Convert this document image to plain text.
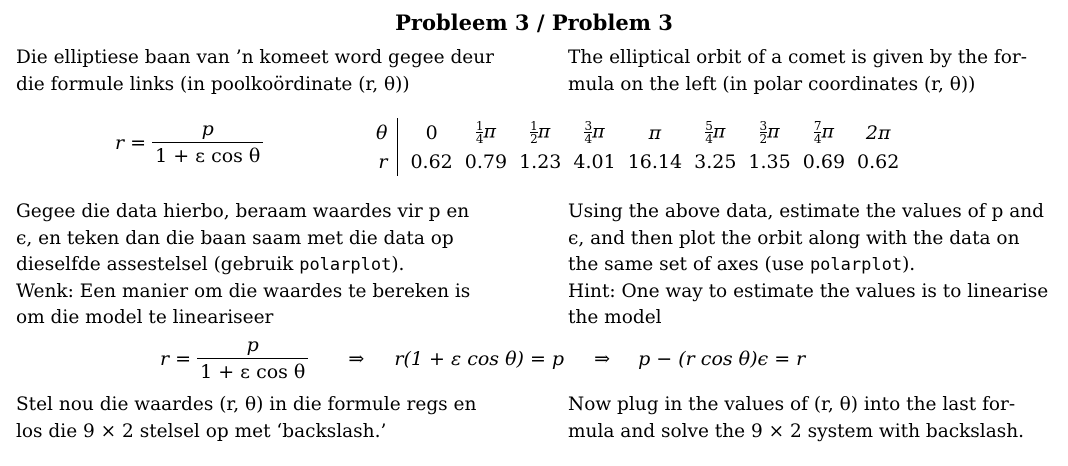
Probleem 3 / Problem 3
Die elliptiese baan van ’n komeet word gegee deur
die formule links (in poolkoördinate (r, θ))
The elliptical orbit of a comet is given by the for-
mula on the left (in polar coordinates (r, θ))
$r = \frac{p}{\text{1 + ε cos θ}}$	θ	0	$\frac{1}{4}$ π	$\frac{1}{2}$ π	$\frac{3}{4}$ π	π	$\frac{5}{4}$ π	$\frac{3}{2}$ π	$\frac{7}{4}$ π	2π
r	0.62	0.79	1.23	4.01	16.14	3.25	1.35	0.69	0.62
Gegee die data hierbo, beraam waardes vir p en
ϵ, en teken dan die baan saam met die data op
dieselfde assestelsel (gebruik polarplot).
Wenk: Een manier om die waardes te bereken is
om die model te lineariseer
Using the above data, estimate the values of p and
ϵ, and then plot the orbit along with the data on
the same set of axes (use polarplot).
Hint: One way to estimate the values is to linearise
the model
$r = \frac{p}{\text{1 + ε cos θ}}$ ⇒ r(1 + ε cos θ) = p ⇒ p − (r cos θ)ϵ = r
Stel nou die waardes (r, θ) in die formule regs en
los die 9 × 2 stelsel op met ‘backslash.’
Now plug in the values of (r, θ) into the last for-
mula and solve the 9 × 2 system with backslash.
